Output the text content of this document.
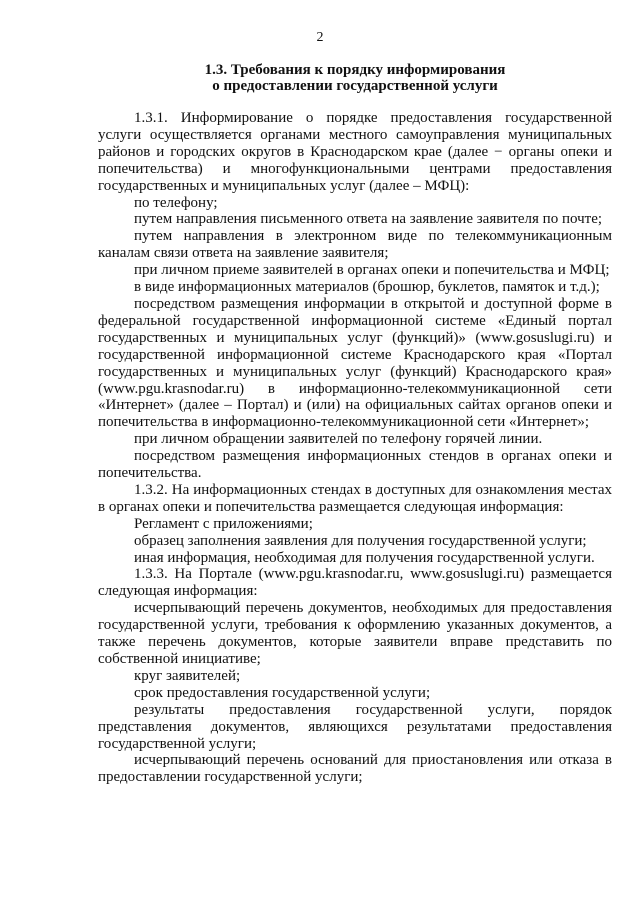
2
1.3. Требования к порядку информирования
о предоставлении государственной услуги

1.3.1. Информирование о порядке предоставления государственной услуги осуществляется органами местного самоуправления муниципальных районов и городских округов в Краснодарском крае (далее − органы опеки и попечительства) и многофункциональными центрами предоставления государственных и муниципальных услуг (далее – МФЦ):

по телефону;

путем направления письменного ответа на заявление заявителя по почте;

путем направления в электронном виде по телекоммуникационным каналам связи ответа на заявление заявителя;

при личном приеме заявителей в органах опеки и попечительства и МФЦ;

в виде информационных материалов (брошюр, буклетов, памяток и т.д.);

посредством размещения информации в открытой и доступной форме в федеральной государственной информационной системе «Единый портал государственных и муниципальных услуг (функций)» (www.gosuslugi.ru) и государственной информационной системе Краснодарского края «Портал государственных и муниципальных услуг (функций) Краснодарского края» (www.pgu.krasnodar.ru) в информационно-телекоммуникационной сети «Интернет» (далее – Портал) и (или) на официальных сайтах органов опеки и попечительства в информационно-телекоммуникационной сети «Интернет»;

при личном обращении заявителей по телефону горячей линии.

посредством размещения информационных стендов в органах опеки и попечительства.

1.3.2. На информационных стендах в доступных для ознакомления местах в органах опеки и попечительства размещается следующая информация:

Регламент с приложениями;

образец заполнения заявления для получения государственной услуги;

иная информация, необходимая для получения государственной услуги.

1.3.3. На Портале (www.pgu.krasnodar.ru, www.gosuslugi.ru) размещается следующая информация:

исчерпывающий перечень документов, необходимых для предоставления государственной услуги, требования к оформлению указанных документов, а также перечень документов, которые заявители вправе представить по собственной инициативе;

круг заявителей;

срок предоставления государственной услуги;

результаты предоставления государственной услуги, порядок представления документов, являющихся результатами предоставления государственной услуги;

исчерпывающий перечень оснований для приостановления или отказа в предоставлении государственной услуги;
